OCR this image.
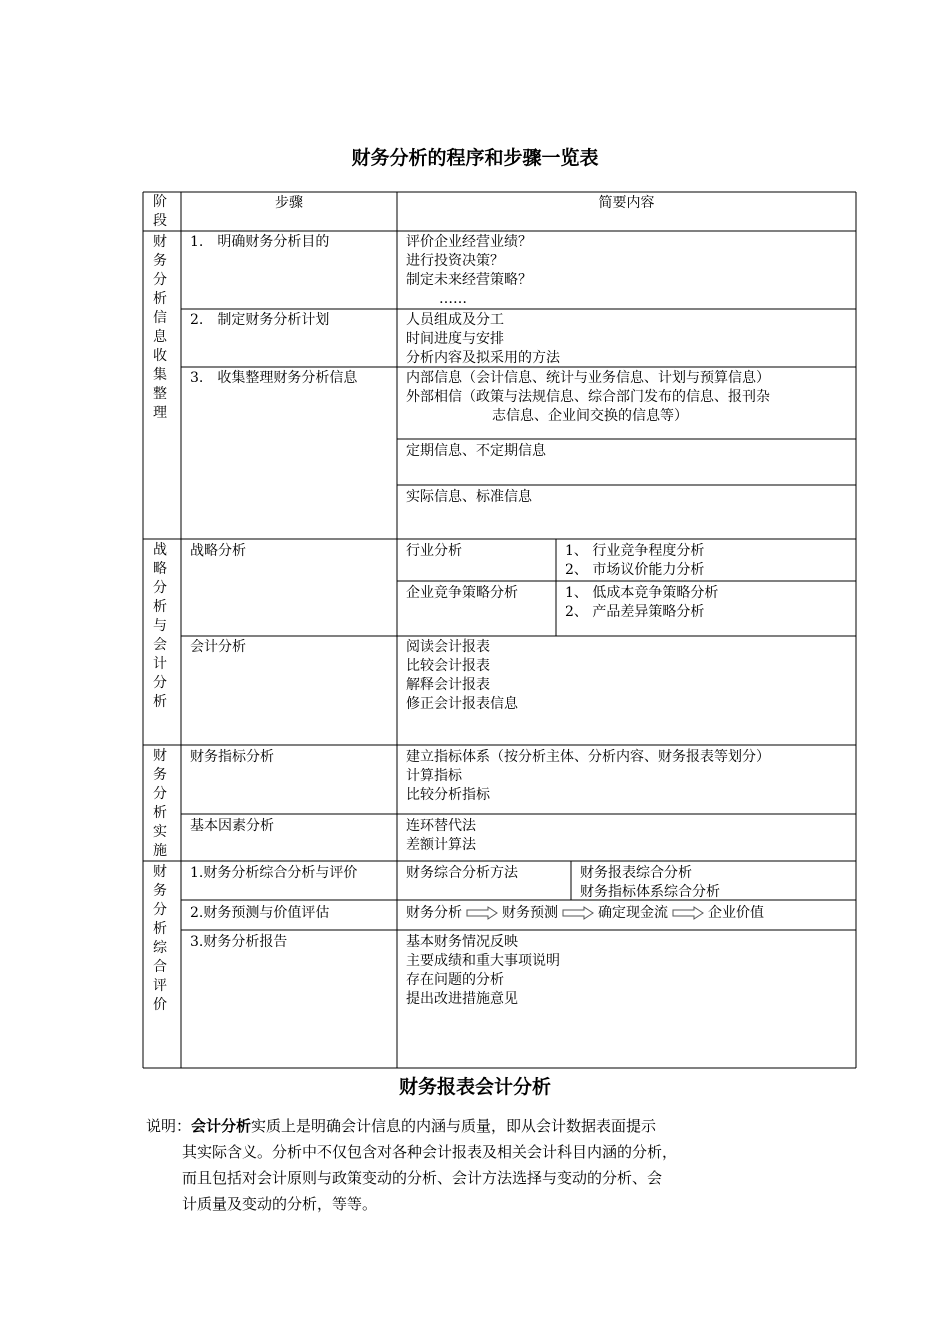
财务分析的程序和步骤一览表
阶段
步骤	简要内容
财务分析信息收集整理
1.　明确财务分析目的	评价企业经营业绩？
进行投资决策？
制定未来经营策略？
……
2.　制定财务分析计划	人员组成及分工
时间进度与安排
分析内容及拟采用的方法
3.　收集整理财务分析信息	内部信息（会计信息、统计与业务信息、计划与预算信息）
外部相信（政策与法规信息、综合部门发布的信息、报刊杂
志信息、企业间交换的信息等）
定期信息、不定期信息
实际信息、标准信息
战略分析与会计分析
战略分析	行业分析	1、 行业竞争程度分析
2、 市场议价能力分析
企业竞争策略分析	1、 低成本竞争策略分析
2、 产品差异策略分析
会计分析	阅读会计报表
比较会计报表
解释会计报表
修正会计报表信息
财务分析实施
财务指标分析	建立指标体系（按分析主体、分析内容、财务报表等划分）
计算指标
比较分析指标
基本因素分析	连环替代法
差额计算法
财务分析综合评价
1.财务分析综合分析与评价	财务综合分析方法	财务报表综合分析
财务指标体系综合分析
2.财务预测与价值评估	财务分析	财务预测	确定现金流	企业价值
3.财务分析报告	基本财务情况反映
主要成绩和重大事项说明
存在问题的分析
提出改进措施意见
财务报表会计分析
说明：会计分析实质上是明确会计信息的内涵与质量，即从会计数据表面提示
其实际含义。分析中不仅包含对各种会计报表及相关会计科目内涵的分析，
而且包括对会计原则与政策变动的分析、会计方法选择与变动的分析、会
计质量及变动的分析，等等。
